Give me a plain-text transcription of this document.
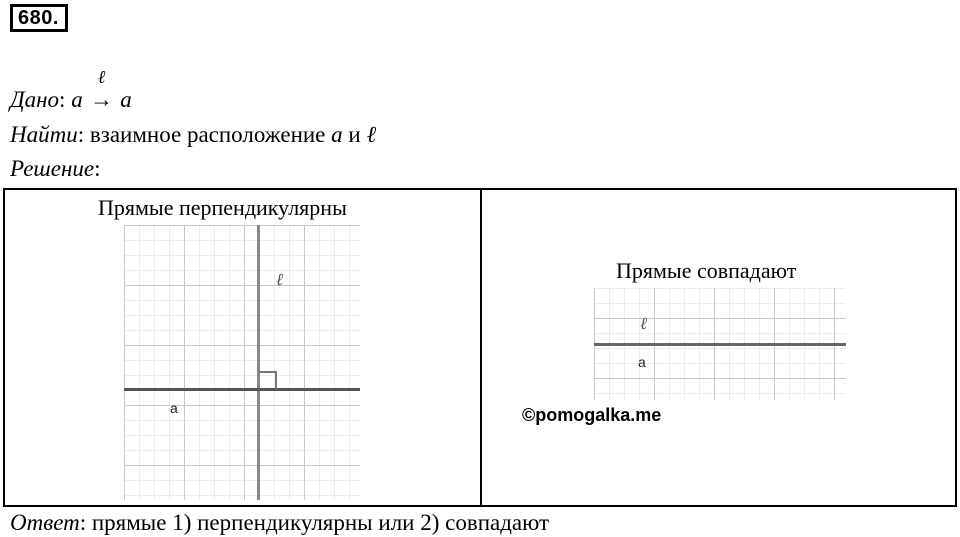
680.
Дано: a
ℓ
→ a
Найти: взаимное расположение a и ℓ
Решение:
Прямые перпендикулярны
ℓ
a
Прямые совпадают
ℓ
a
©pomogalka.me
Ответ: прямые 1) перпендикулярны или 2) совпадают
